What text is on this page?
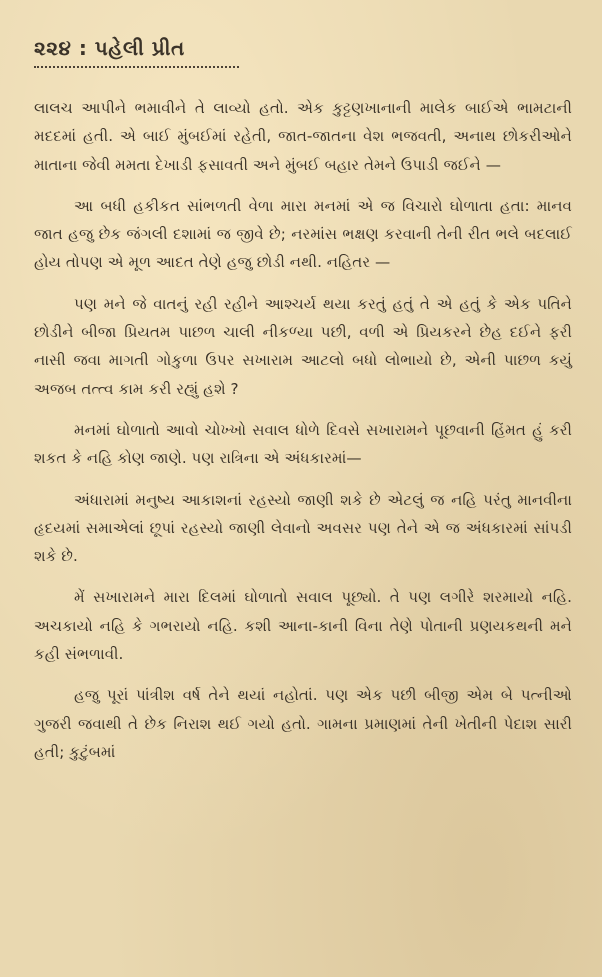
૨૨૪ : પહેલી પ્રીત

લાલચ આપીને ભમાવીને તે લાવ્યો હતો. એક કુટ્ટણખાનાની માલેક બાઈએ ભામટાની મદદમાં હતી. એ બાઈ મુંબઈમાં રહેતી, જાત-જાતના વેશ ભજવતી, અનાથ છોકરીઓને માતાના જેવી મમતા દેખાડી ફસાવતી અને મુંબઈ બહાર તેમને ઉપાડી જઈને —

આ બધી હકીકત સાંભળતી વેળા મારા મનમાં એ જ વિચારો ઘોળાતા હતા: માનવ જાત હજુ છેક જંગલી દશામાં જ જીવે છે; નરમાંસ ભક્ષણ કરવાની તેની રીત ભલે બદલાઈ હોય તોપણ એ મૂળ આદત તેણે હજુ છોડી નથી. નહિતર —

પણ મને જે વાતનું રહી રહીને આશ્ચર્ય થયા કરતું હતું તે એ હતું કે એક પતિને છોડીને બીજા પ્રિયતમ પાછળ ચાલી નીકળ્યા પછી, વળી એ પ્રિયકરને છેહ દઈને ફરી નાસી જવા માગતી ગોકુળા ઉપર સખારામ આટલો બધો લોભાયો છે, એની પાછળ કયું અજબ તત્ત્વ કામ કરી રહ્યું હશે ?

મનમાં ઘોળાતો આવો ચોખ્ખો સવાલ ધોળે દિવસે સખારામને પૂછવાની હિંમત હું કરી શકત કે નહિ કોણ જાણે. પણ રાત્રિના એ અંધકારમાં—

અંધારામાં મનુષ્ય આકાશનાં રહસ્યો જાણી શકે છે એટલું જ નહિ પરંતુ માનવીના હૃદયમાં સમાએલાં છૂપાં રહસ્યો જાણી લેવાનો અવસર પણ તેને એ જ અંધકારમાં સાંપડી શકે છે.

મેં સખારામને મારા દિલમાં ઘોળાતો સવાલ પૂછ્યો. તે પણ લગીરે શરમાયો નહિ. અચકાયો નહિ કે ગભરાયો નહિ. કશી આના-કાની વિના તેણે પોતાની પ્રણયકથની મને કહી સંભળાવી.

હજુ પૂરાં પાંત્રીશ વર્ષ તેને થયાં નહોતાં. પણ એક પછી બીજી એમ બે પત્નીઓ ગુજરી જવાથી તે છેક નિરાશ થઈ ગયો હતો. ગામના પ્રમાણમાં તેની ખેતીની પેદાશ સારી હતી; કુટુંબમાં
